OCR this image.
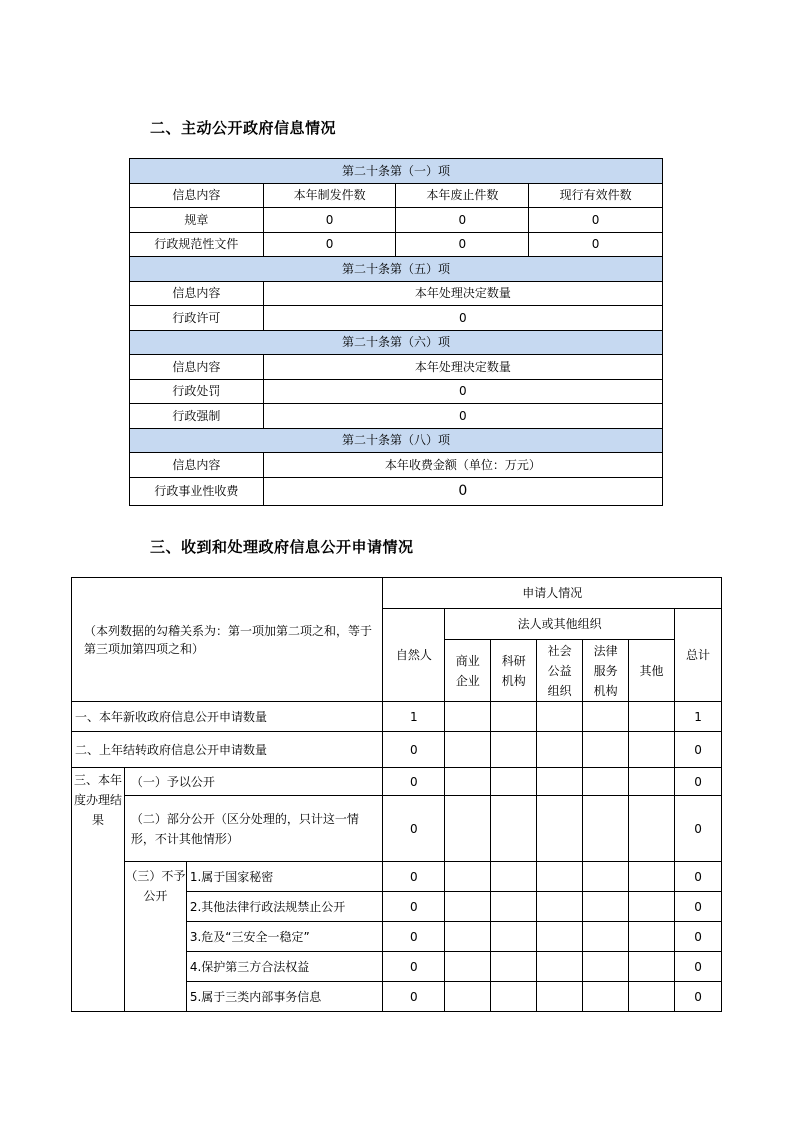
二、主动公开政府信息情况
第二十条第（一）项			
信息内容	本年制发件数	本年废止件数	现行有效件数
规章	0	0	0
行政规范性文件	0	0	0
第二十条第（五）项			
信息内容	本年处理决定数量		
行政许可	0		
第二十条第（六）项			
信息内容	本年处理决定数量		
行政处罚	0		
行政强制	0		
第二十条第（八）项			
信息内容	本年收费金额（单位：万元）		
行政事业性收费	0		
三、收到和处理政府信息公开申请情况
（本列数据的勾稽关系为：第一项加第二项之和，等于第三项加第四项之和）			申请人情况						
			自然人	法人或其他组织					总计
				商业企业	科研机构	社会公益组织	法律服务机构	其他	
一、本年新收政府信息公开申请数量			1						1
二、上年结转政府信息公开申请数量			0						0
三、本年度办理结果	（一）予以公开		0						0
	（二）部分公开（区分处理的，只计这一情形，不计其他情形）		0						0
	（三）不予公开	1.属于国家秘密	0						0
		2.其他法律行政法规禁止公开	0						0
		3.危及“三安全一稳定”	0						0
		4.保护第三方合法权益	0						0
		5.属于三类内部事务信息	0						0
